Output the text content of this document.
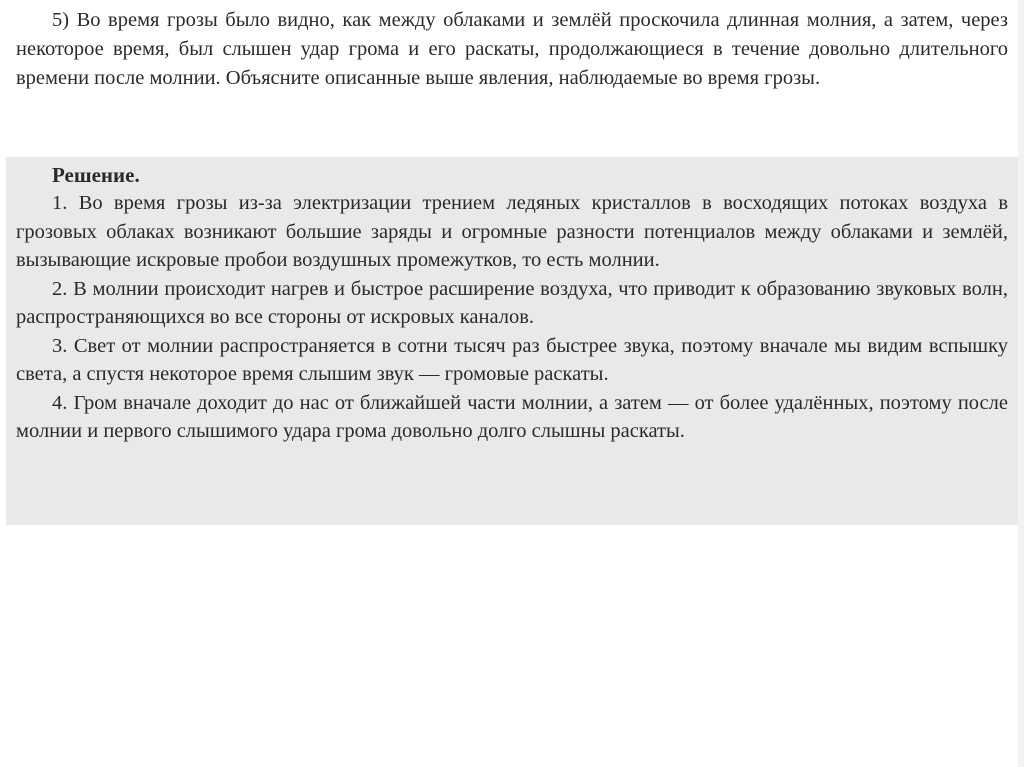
5) Во время грозы было видно, как между облаками и землёй проскочила длинная молния, а затем, через некоторое время, был слышен удар грома и его раскаты, продолжающиеся в течение довольно длительного времени после молнии. Объясните описанные выше явления, наблюдаемые во время грозы.

Решение.

1. Во время грозы из-за электризации трением ледяных кристаллов в восходящих потоках воздуха в грозовых облаках возникают большие заряды и огромные разности потенциалов между облаками и землёй, вызывающие искровые пробои воздушных промежутков, то есть молнии.

2. В молнии происходит нагрев и быстрое расширение воздуха, что приводит к образованию звуковых волн, распространяющихся во все стороны от искровых каналов.

3. Свет от молнии распространяется в сотни тысяч раз быстрее звука, поэтому вначале мы видим вспышку света, а спустя некоторое время слышим звук — громовые раскаты.

4. Гром вначале доходит до нас от ближайшей части молнии, а затем — от более удалённых, поэтому после молнии и первого слышимого удара грома довольно долго слышны раскаты.
